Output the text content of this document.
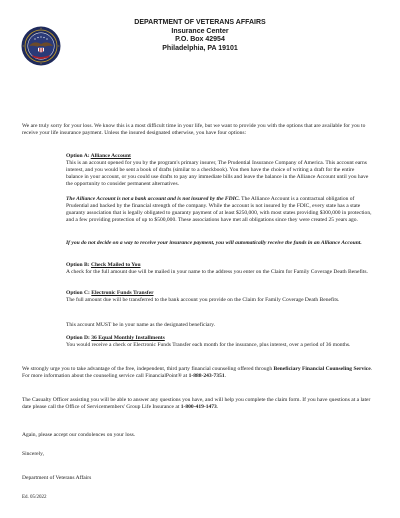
DEPARTMENT OF VETERANS AFFAIRS
Insurance Center
P.O. Box 42954
Philadelphia, PA 19101
We are truly sorry for your loss. We know this is a most difficult time in your life, but we want to provide you with the options that are available for you to receive your life insurance payment. Unless the insured designated otherwise, you have four options:
Option A: Alliance Account
This is an account opened for you by the program's primary insurer, The Prudential Insurance Company of America. This account earns interest, and you would be sent a book of drafts (similar to a checkbook). You then have the choice of writing a draft for the entire balance in your account, or you could use drafts to pay any immediate bills and leave the balance in the Alliance Account until you have the opportunity to consider permanent alternatives.
The Alliance Account is not a bank account and is not insured by the FDIC. The Alliance Account is a contractual obligation of Prudential and backed by the financial strength of the company. While the account is not insured by the FDIC, every state has a state guaranty association that is legally obligated to guaranty payment of at least $250,000, with most states providing $300,000 in protection, and a few providing protection of up to $500,000. These associations have met all obligations since they were created 25 years ago.
If you do not decide on a way to receive your insurance payment, you will automatically receive the funds in an Alliance Account.
Option B: Check Mailed to You
A check for the full amount due will be mailed in your name to the address you enter on the Claim for Family Coverage Death Benefits.
Option C: Electronic Funds Transfer
The full amount due will be transferred to the bank account you provide on the Claim for Family Coverage Death Benefits.
This account MUST be in your name as the designated beneficiary.
Option D: 36 Equal Monthly Installments
You would receive a check or Electronic Funds Transfer each month for the insurance, plus interest, over a period of 36 months.
We strongly urge you to take advantage of the free, independent, third party financial counseling offered through Beneficiary Financial Counseling Service. For more information about the counseling service call FinancialPoint® at 1-888-243-7351.
The Casualty Officer assisting you will be able to answer any questions you have, and will help you complete the claim form. If you have questions at a later date please call the Office of Servicemembers' Group Life Insurance at 1-800-419-1473.
Again, please accept our condolences on your loss.
Sincerely,
Department of Veterans Affairs
Ed. 05/2022
